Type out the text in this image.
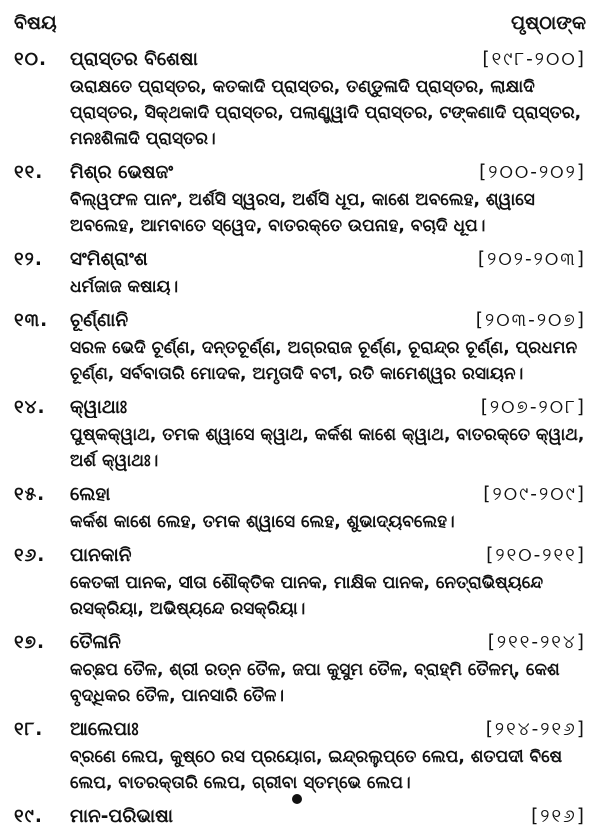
ବିଷୟ	ପୃଷ୍ଠାଙ୍କ
୧୦.	ପ୍ରାସ୍ତର ବିଶେଷା	[୧୯୮-୨୦୦]
ଉରାକ୍ଷତେ ପ୍ରାସ୍ତର, କତକାଦି ପ୍ରାସ୍ତର, ତଣ୍ଡୁଳାଦି ପ୍ରାସ୍ତର, ଲାକ୍ଷାଦି ପ୍ରାସ୍ତର, ସିକ୍ଥକାଦି ପ୍ରାସ୍ତର, ପଲାଣ୍ଡ୍ୱାଦି ପ୍ରାସ୍ତର, ଟଙ୍କଣାଦି ପ୍ରାସ୍ତର, ମନଃଶିଳାଦି ପ୍ରାସ୍ତର।
୧୧.	ମିଶ୍ର ଭେଷଜଂ	[୨୦୦-୨୦୨]
ବିଲ୍ୱଫଳ ପାନଂ, ଅର୍ଶସି ସ୍ୱରସ, ଅର୍ଶସି ଧୂପ, କାଶେ ଅବଲେହ, ଶ୍ୱାସେ ଅବଲେହ, ଆମବାତେ ସ୍ୱେଦ, ବାତରକ୍ତେ ଉପନାହ, ବଚାଦି ଧୂପ।
୧୨.	ସଂମିଶ୍ରାଂଶ	[୨୦୨-୨୦୩]
ଧର୍ମଜାଜ କଷାୟ।
୧୩.	ଚୂର୍ଣ୍ଣାନି	[୨୦୩-୨୦୭]
ସରଳ ଭେଦି ଚୂର୍ଣ୍ଣ, ଦନ୍ତଚୂର୍ଣ୍ଣ, ଅଗ୍ରରାଜ ଚୂର୍ଣ୍ଣ, ଚୂରାନ୍ଦ୍ର ଚୂର୍ଣ୍ଣ, ପ୍ରଧମନ ଚୂର୍ଣ୍ଣ, ସର୍ବବାତାରି ମୋଦକ, ଅମୃତାଦି ବଟୀ, ରତି କାମେଶ୍ୱର ରସାୟନ।
୧୪.	କ୍ୱାଥାଃ	[୨୦୭-୨୦୮]
ପୁଷ୍କକ୍ୱାଥ, ତମକ ଶ୍ୱାସେ କ୍ୱାଥ, କର୍କଶ କାଶେ କ୍ୱାଥ, ବାତରକ୍ତେ କ୍ୱାଥ, ଅର୍ଶ କ୍ୱାଥଃ।
୧୫.	ଲେହା	[୨୦୯-୨୦୯]
କର୍କଶ କାଶେ ଲେହ, ତମକ ଶ୍ୱାସେ ଲେହ, ଶୁଭାଦ୍ୟବଲେହ।
୧୬.	ପାନକାନି	[୨୧୦-୨୧୧]
କେତକୀ ପାନକ, ସୀତା ଶୌକ୍ତିକ ପାନକ, ମାକ୍ଷିକ ପାନକ, ନେତ୍ରାଭିଷ୍ୟନ୍ଦେ ରସକ୍ରିୟା, ଅଭିଷ୍ୟନ୍ଦେ ରସକ୍ରିୟା।
୧୭.	ତୈଳାନି	[୨୧୧-୨୧୪]
କଚ୍ଛପ ତୈଳ, ଶ୍ରୀ ରତ୍ନ ତୈଳ, ଜପା କୁସୁମ ତୈଳ, ବ୍ରାହ୍ମି ତୈଳମ୍, କେଶ ବୃଦ୍ଧିକର ତୈଳ, ପାନସାରି ତୈଳ।
୧୮.	ଆଲେପାଃ	[୨୧୪-୨୧୬]
ବ୍ରଣେ ଲେପ, କୁଷ୍ଠେ ରସ ପ୍ରୟୋଗ, ଇନ୍ଦ୍ରଲୁପ୍ତେ ଲେପ, ଶତପଦୀ ବିଷେ ଲେପ, ବାତରକ୍ତାରି ଲେପ, ଗ୍ରୀବା ସ୍ତମ୍ଭେ ଲେପ।
୧୯.	ମାନ-ପରିଭାଷା	[୨୧୬]
